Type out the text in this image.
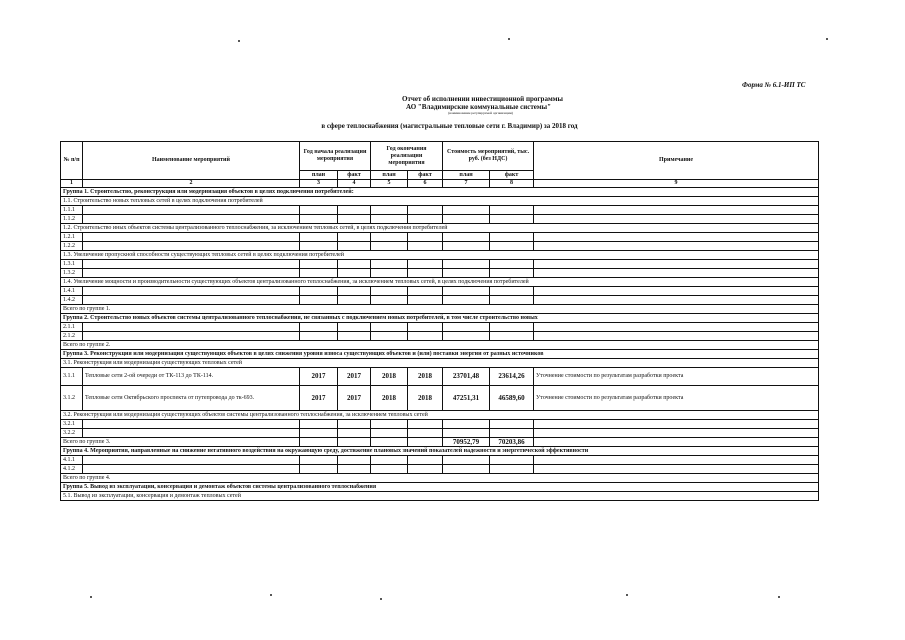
Форма № 6.1-ИП ТС
Отчет об исполнении инвестиционной программы
АО "Владимирские коммунальные системы"
(наименование регулируемой организации)
в сфере теплоснабжения (магистральные тепловые сети г. Владимир) за 2018 год
№ п/п	Наименование мероприятий	Год начала реализации мероприятия		Год окончания реализации мероприятия		Стоимость мероприятий, тыс. руб. (без НДС)		Примечание
		план	факт	план	факт	план	факт	
1	2	3	4	5	6	7	8	9
Группа 1. Строительство, реконструкция или модернизация объектов в целях подключения потребителей:								
1.1. Строительство новых тепловых сетей в целях подключения потребителей								
1.1.1								
1.1.2								
1.2. Строительство иных объектов системы централизованного теплоснабжения, за исключением тепловых сетей, в целях подключения потребителей								
1.2.1								
1.2.2								
1.3. Увеличение пропускной способности существующих тепловых сетей в целях подключения потребителей								
1.3.1								
1.3.2								
1.4. Увеличение мощности и производительности существующих объектов централизованного теплоснабжения, за исключением тепловых сетей, в целях подключения потребителей								
1.4.1								
1.4.2								
Всего по группе 1.								
Группа 2. Строительство новых объектов системы централизованного теплоснабжения, не связанных с подключением новых потребителей, в том числе строительство новых								
2.1.1								
2.1.2								
Всего по группе 2.								
Группа 3. Реконструкция или модернизация существующих объектов в целях снижения уровня износа существующих объектов и (или) поставки энергии от разных источников								
3.1. Реконструкция или модернизация существующих тепловых сетей								
3.1.1	Тепловые сети 2-ой очереди от ТК-113 до ТК-114.	2017	2017	2018	2018	23701,48	23614,26	Уточнение стоимости по результатам разработки проекта
3.1.2	Тепловые сети Октябрьского проспекта от путепровода до тк-693.	2017	2017	2018	2018	47251,31	46589,60	Уточнение стоимости по результатам разработки проекта
3.2. Реконструкция или модернизация существующих объектов системы централизованного теплоснабжения, за исключением тепловых сетей								
3.2.1								
3.2.2								
Всего по группе 3.						70952,79	70203,86	
Группа 4. Мероприятия, направленные на снижение негативного воздействия на окружающую среду, достижение плановых значений показателей надежности и энергетической эффективности								
4.1.1								
4.1.2								
Всего по группе 4.								
Группа 5. Вывод из эксплуатации, консервация и демонтаж объектов системы централизованного теплоснабжения								
5.1. Вывод из эксплуатации, консервация и демонтаж тепловых сетей								
